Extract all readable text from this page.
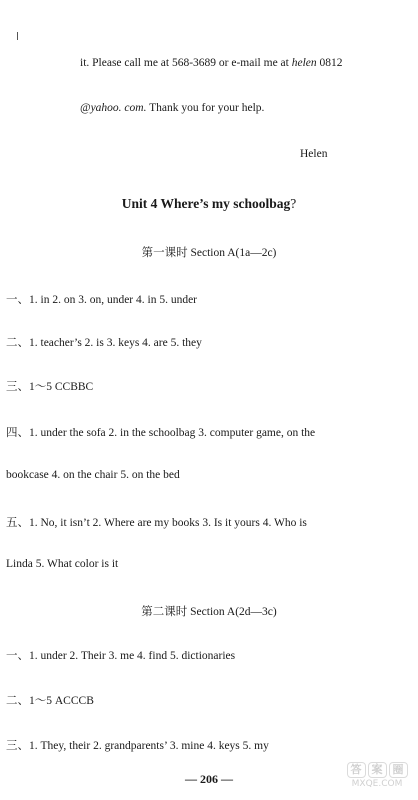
it. Please call me at 568-3689 or e-mail me at helen 0812
@yahoo. com. Thank you for your help.
Helen
Unit 4 Where’s my schoolbag?
第一课时 Section A(1a—2c)
一、1. in 2. on 3. on, under 4. in 5. under
二、1. teacher’s 2. is 3. keys 4. are 5. they
三、1～5 CCBBC
四、1. under the sofa 2. in the schoolbag 3. computer game, on the
bookcase 4. on the chair 5. on the bed
五、1. No, it isn’t 2. Where are my books 3. Is it yours 4. Who is
Linda 5. What color is it
第二课时 Section A(2d—3c)
一、1. under 2. Their 3. me 4. find 5. dictionaries
二、1～5 ACCCB
三、1. They, their 2. grandparents’ 3. mine 4. keys 5. my
— 206 —
答 案 圈
MXQE.COM
